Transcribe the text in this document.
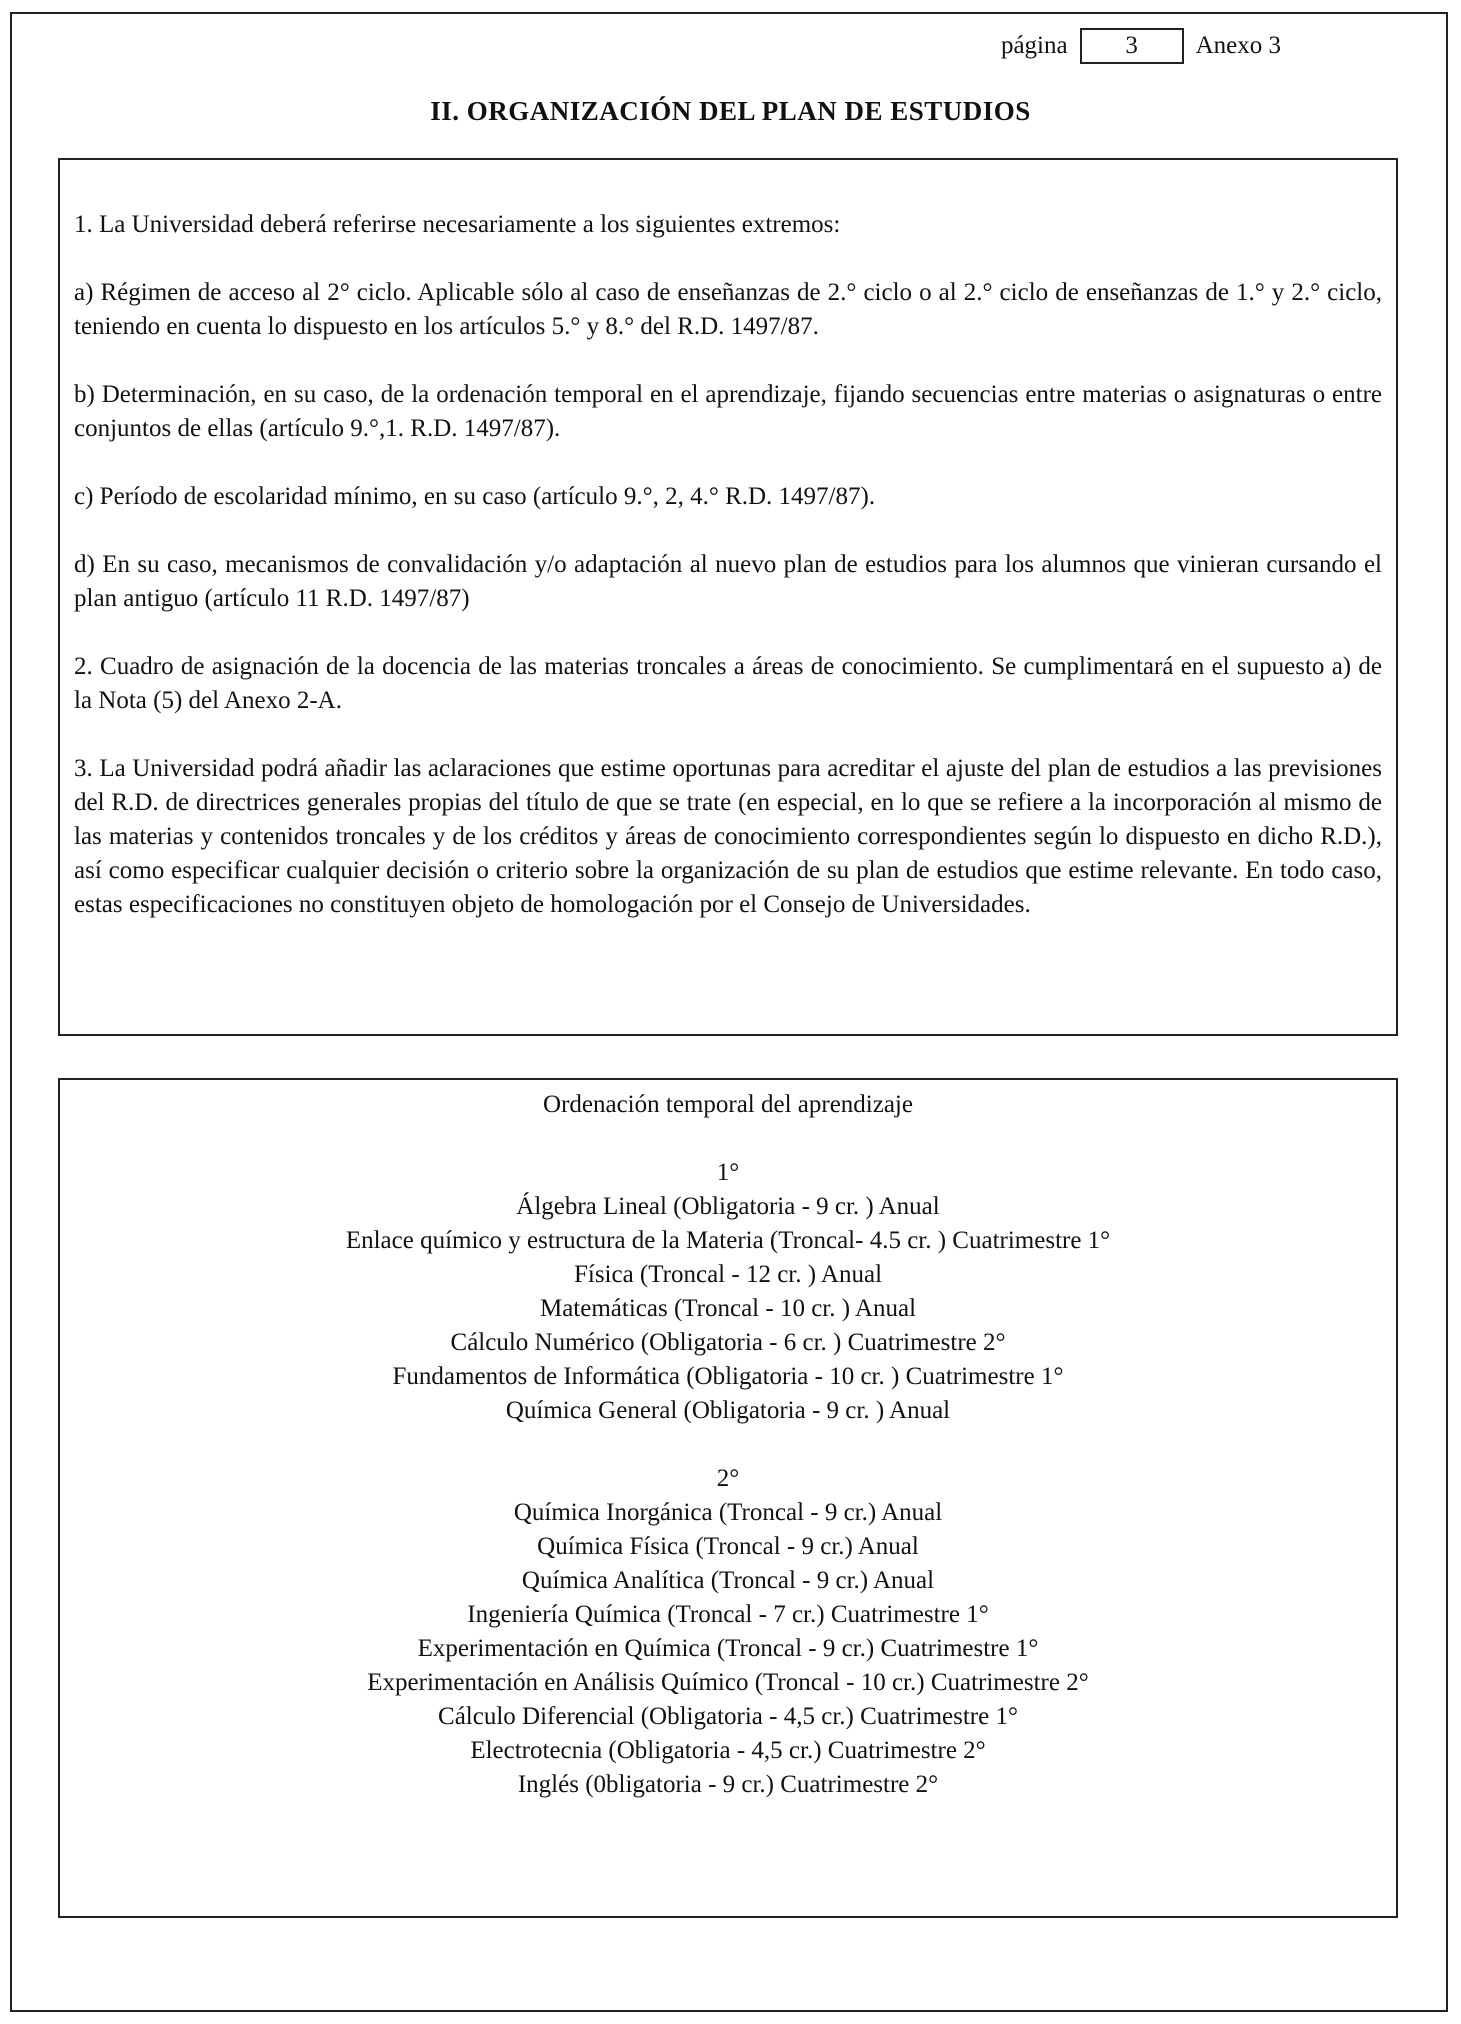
página	3	Anexo 3
II. ORGANIZACIÓN DEL PLAN DE ESTUDIOS

1. La Universidad deberá referirse necesariamente a los siguientes extremos:

a) Régimen de acceso al 2° ciclo. Aplicable sólo al caso de enseñanzas de 2.° ciclo o al 2.° ciclo de enseñanzas de 1.° y 2.° ciclo, teniendo en cuenta lo dispuesto en los artículos 5.° y 8.° del R.D. 1497/87.

b) Determinación, en su caso, de la ordenación temporal en el aprendizaje, fijando secuencias entre materias o asignaturas o entre conjuntos de ellas (artículo 9.°,1. R.D. 1497/87).

c) Período de escolaridad mínimo, en su caso (artículo 9.°, 2, 4.° R.D. 1497/87).

d) En su caso, mecanismos de convalidación y/o adaptación al nuevo plan de estudios para los alumnos que vinieran cursando el plan antiguo (artículo 11 R.D. 1497/87)

2. Cuadro de asignación de la docencia de las materias troncales a áreas de conocimiento. Se cumplimentará en el supuesto a) de la Nota (5) del Anexo 2-A.

3. La Universidad podrá añadir las aclaraciones que estime oportunas para acreditar el ajuste del plan de estudios a las previsiones del R.D. de directrices generales propias del título de que se trate (en especial, en lo que se refiere a la incorporación al mismo de las materias y contenidos troncales y de los créditos y áreas de conocimiento correspondientes según lo dispuesto en dicho R.D.), así como especificar cualquier decisión o criterio sobre la organización de su plan de estudios que estime relevante. En todo caso, estas especificaciones no constituyen objeto de homologación por el Consejo de Universidades.

Ordenación temporal del aprendizaje
1°
Álgebra Lineal (Obligatoria - 9 cr. ) Anual
Enlace químico y estructura de la Materia (Troncal- 4.5 cr. ) Cuatrimestre 1°
Física (Troncal - 12 cr. ) Anual
Matemáticas (Troncal - 10 cr. ) Anual
Cálculo Numérico (Obligatoria - 6 cr. ) Cuatrimestre 2°
Fundamentos de Informática (Obligatoria - 10 cr. ) Cuatrimestre 1°
Química General (Obligatoria - 9 cr. ) Anual
2°
Química Inorgánica (Troncal - 9 cr.) Anual
Química Física (Troncal - 9 cr.) Anual
Química Analítica (Troncal - 9 cr.) Anual
Ingeniería Química (Troncal - 7 cr.) Cuatrimestre 1°
Experimentación en Química (Troncal - 9 cr.) Cuatrimestre 1°
Experimentación en Análisis Químico (Troncal - 10 cr.) Cuatrimestre 2°
Cálculo Diferencial (Obligatoria - 4,5 cr.) Cuatrimestre 1°
Electrotecnia (Obligatoria - 4,5 cr.) Cuatrimestre 2°
Inglés (0bligatoria - 9 cr.) Cuatrimestre 2°
